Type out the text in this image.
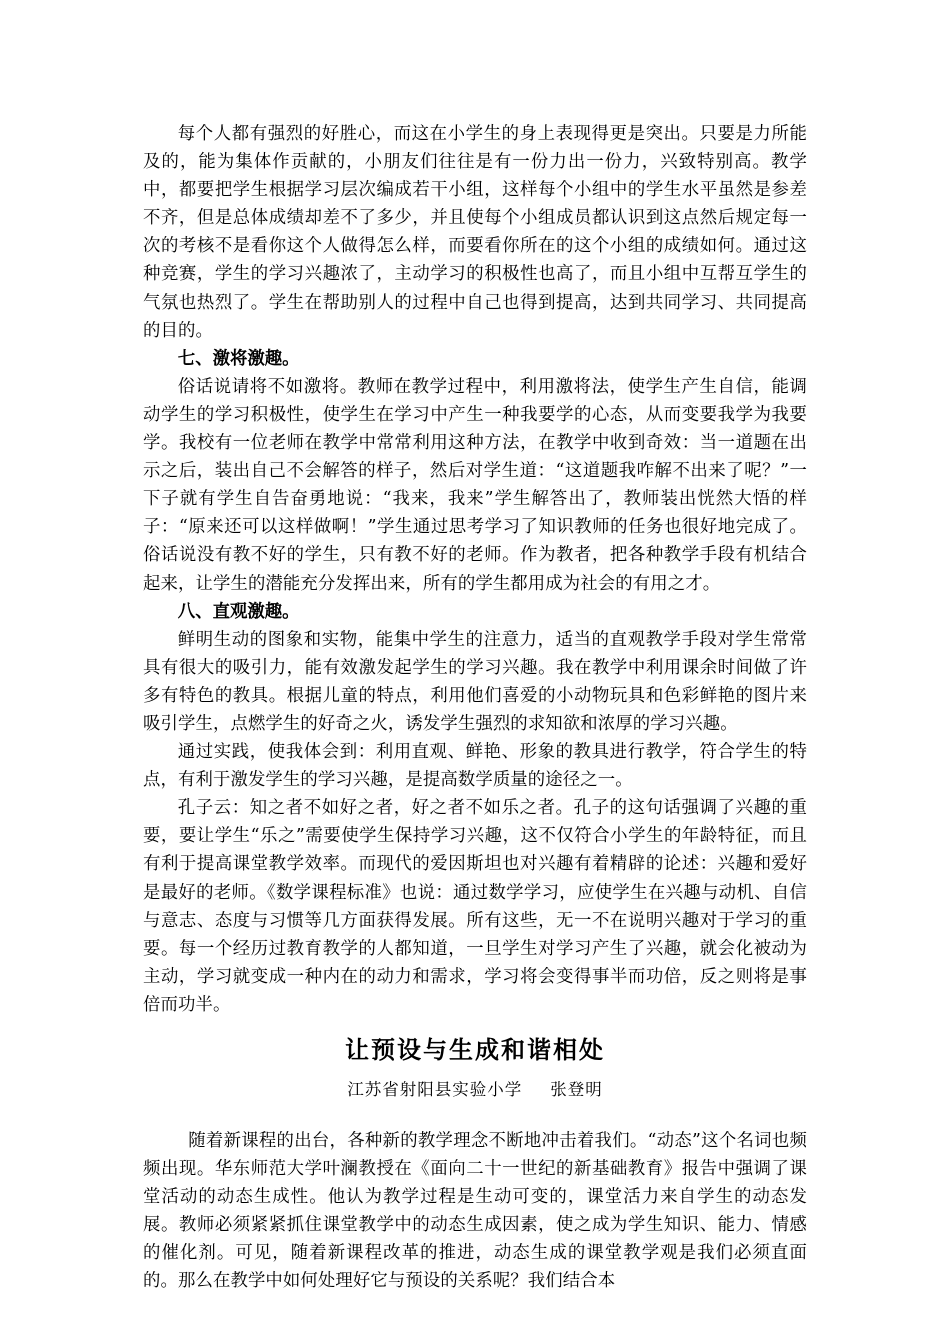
每个人都有强烈的好胜心，而这在小学生的身上表现得更是突出。只要是力所能及的，能为集体作贡献的，小朋友们往往是有一份力出一份力，兴致特别高。教学中，都要把学生根据学习层次编成若干小组，这样每个小组中的学生水平虽然是参差不齐，但是总体成绩却差不了多少，并且使每个小组成员都认识到这点然后规定每一次的考核不是看你这个人做得怎么样，而要看你所在的这个小组的成绩如何。通过这种竞赛，学生的学习兴趣浓了，主动学习的积极性也高了，而且小组中互帮互学生的气氛也热烈了。学生在帮助别人的过程中自己也得到提高，达到共同学习、共同提高的目的。

七、激将激趣。

俗话说请将不如激将。教师在教学过程中，利用激将法，使学生产生自信，能调动学生的学习积极性，使学生在学习中产生一种我要学的心态，从而变要我学为我要学。我校有一位老师在教学中常常利用这种方法，在教学中收到奇效：当一道题在出示之后，装出自己不会解答的样子，然后对学生道：“这道题我咋解不出来了呢？”一下子就有学生自告奋勇地说：“我来，我来”学生解答出了，教师装出恍然大悟的样子：“原来还可以这样做啊！”学生通过思考学习了知识教师的任务也很好地完成了。俗话说没有教不好的学生，只有教不好的老师。作为教者，把各种教学手段有机结合起来，让学生的潜能充分发挥出来，所有的学生都用成为社会的有用之才。

八、直观激趣。

鲜明生动的图象和实物，能集中学生的注意力，适当的直观教学手段对学生常常具有很大的吸引力，能有效激发起学生的学习兴趣。我在教学中利用课余时间做了许多有特色的教具。根据儿童的特点，利用他们喜爱的小动物玩具和色彩鲜艳的图片来吸引学生，点燃学生的好奇之火，诱发学生强烈的求知欲和浓厚的学习兴趣。

通过实践，使我体会到：利用直观、鲜艳、形象的教具进行教学，符合学生的特点，有利于激发学生的学习兴趣，是提高数学质量的途径之一。

孔子云：知之者不如好之者，好之者不如乐之者。孔子的这句话强调了兴趣的重要，要让学生“乐之”需要使学生保持学习兴趣，这不仅符合小学生的年龄特征，而且有利于提高课堂教学效率。而现代的爱因斯坦也对兴趣有着精辟的论述：兴趣和爱好是最好的老师。《数学课程标准》也说：通过数学学习，应使学生在兴趣与动机、自信与意志、态度与习惯等几方面获得发展。所有这些，无一不在说明兴趣对于学习的重要。每一个经历过教育教学的人都知道，一旦学生对学习产生了兴趣，就会化被动为主动，学习就变成一种内在的动力和需求，学习将会变得事半而功倍，反之则将是事倍而功半。

让预设与生成和谐相处
江苏省射阳县实验小学 张登明

随着新课程的出台，各种新的教学理念不断地冲击着我们。“动态”这个名词也频频出现。华东师范大学叶澜教授在《面向二十一世纪的新基础教育》报告中强调了课堂活动的动态生成性。他认为教学过程是生动可变的，课堂活力来自学生的动态发展。教师必须紧紧抓住课堂教学中的动态生成因素，使之成为学生知识、能力、情感的催化剂。可见，随着新课程改革的推进，动态生成的课堂教学观是我们必须直面的。那么在教学中如何处理好它与预设的关系呢？我们结合本
